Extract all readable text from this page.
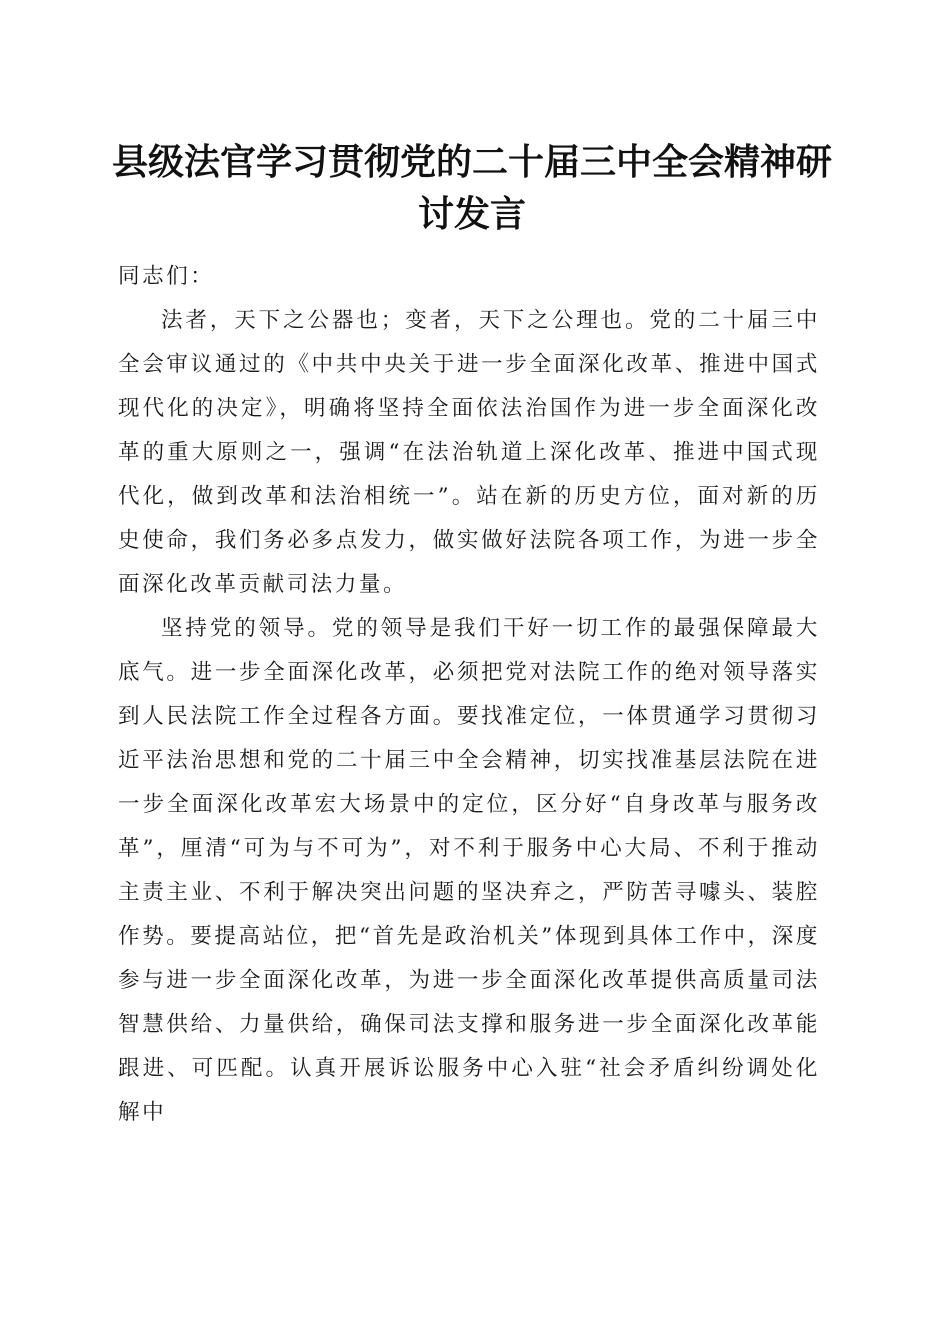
县级法官学习贯彻党的二十届三中全会精神研讨发言

同志们：

法者，天下之公器也；变者，天下之公理也。党的二十届三中全会审议通过的《中共中央关于进一步全面深化改革、推进中国式现代化的决定》，明确将坚持全面依法治国作为进一步全面深化改革的重大原则之一，强调“在法治轨道上深化改革、推进中国式现代化，做到改革和法治相统一”。站在新的历史方位，面对新的历史使命，我们务必多点发力，做实做好法院各项工作，为进一步全面深化改革贡献司法力量。

坚持党的领导。党的领导是我们干好一切工作的最强保障最大底气。进一步全面深化改革，必须把党对法院工作的绝对领导落实到人民法院工作全过程各方面。要找准定位，一体贯通学习贯彻习近平法治思想和党的二十届三中全会精神，切实找准基层法院在进一步全面深化改革宏大场景中的定位，区分好“自身改革与服务改革”，厘清“可为与不可为”，对不利于服务中心大局、不利于推动主责主业、不利于解决突出问题的坚决弃之，严防苦寻噱头、装腔作势。要提高站位，把“首先是政治机关”体现到具体工作中，深度参与进一步全面深化改革，为进一步全面深化改革提供高质量司法智慧供给、力量供给，确保司法支撑和服务进一步全面深化改革能跟进、可匹配。认真开展诉讼服务中心入驻“社会矛盾纠纷调处化解中
